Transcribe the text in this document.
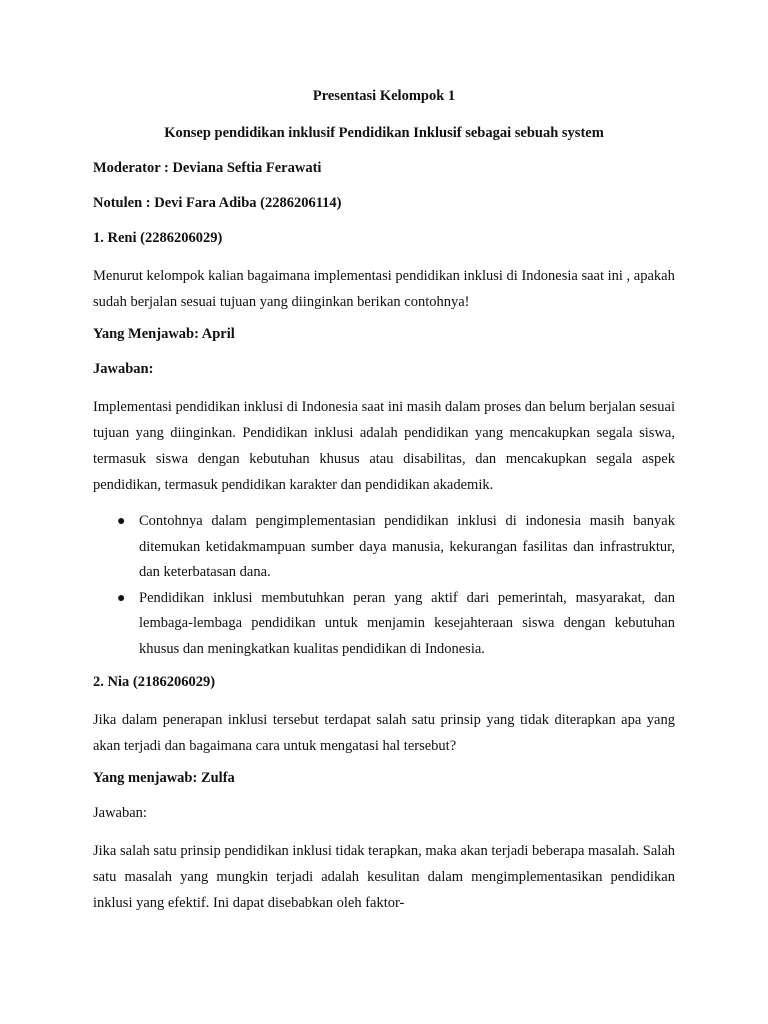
Presentasi Kelompok 1

Konsep pendidikan inklusif Pendidikan Inklusif sebagai sebuah system

Moderator : Deviana Seftia Ferawati

Notulen : Devi Fara Adiba (2286206114)

1. Reni (2286206029)

Menurut kelompok kalian bagaimana implementasi pendidikan inklusi di Indonesia saat ini , apakah sudah berjalan sesuai tujuan yang diinginkan berikan contohnya!

Yang Menjawab: April

Jawaban:

Implementasi pendidikan inklusi di Indonesia saat ini masih dalam proses dan belum berjalan sesuai tujuan yang diinginkan. Pendidikan inklusi adalah pendidikan yang mencakupkan segala siswa, termasuk siswa dengan kebutuhan khusus atau disabilitas, dan mencakupkan segala aspek pendidikan, termasuk pendidikan karakter dan pendidikan akademik.

● Contohnya dalam pengimplementasian pendidikan inklusi di indonesia masih banyak ditemukan ketidakmampuan sumber daya manusia, kekurangan fasilitas dan infrastruktur, dan keterbatasan dana.
● Pendidikan inklusi membutuhkan peran yang aktif dari pemerintah, masyarakat, dan lembaga-lembaga pendidikan untuk menjamin kesejahteraan siswa dengan kebutuhan khusus dan meningkatkan kualitas pendidikan di Indonesia.

2. Nia (2186206029)

Jika dalam penerapan inklusi tersebut terdapat salah satu prinsip yang tidak diterapkan apa yang akan terjadi dan bagaimana cara untuk mengatasi hal tersebut?

Yang menjawab: Zulfa

Jawaban:

Jika salah satu prinsip pendidikan inklusi tidak terapkan, maka akan terjadi beberapa masalah. Salah satu masalah yang mungkin terjadi adalah kesulitan dalam mengimplementasikan pendidikan inklusi yang efektif. Ini dapat disebabkan oleh faktor-
